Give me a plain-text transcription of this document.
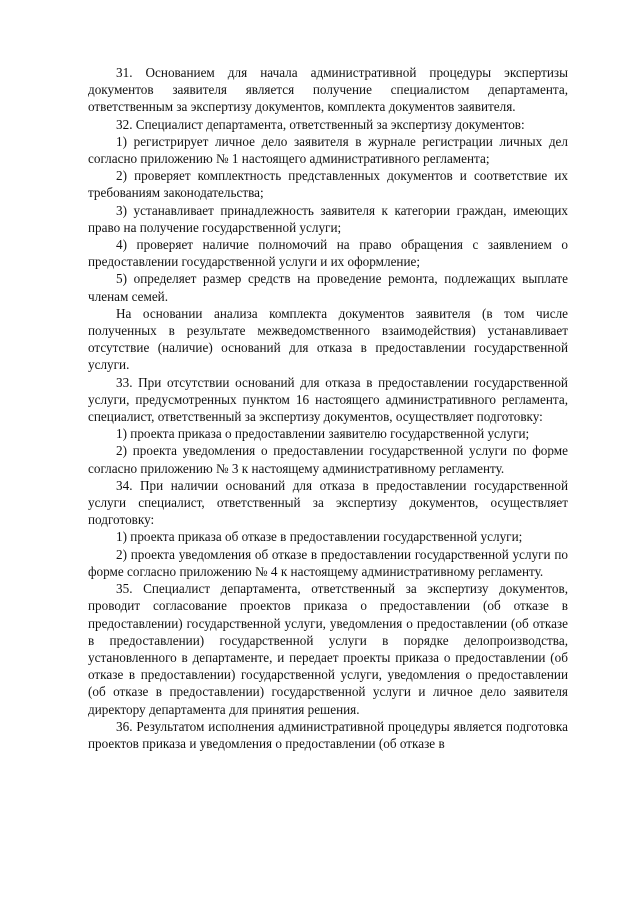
31. Основанием для начала административной процедуры экспертизы документов заявителя является получение специалистом департамента, ответственным за экспертизу документов, комплекта документов заявителя.

32. Специалист департамента, ответственный за экспертизу документов:

1) регистрирует личное дело заявителя в журнале регистрации личных дел согласно приложению № 1 настоящего административного регламента;

2) проверяет комплектность представленных документов и соответствие их требованиям законодательства;

3) устанавливает принадлежность заявителя к категории граждан, имеющих право на получение государственной услуги;

4) проверяет наличие полномочий на право обращения с заявлением о предоставлении государственной услуги и их оформление;

5) определяет размер средств на проведение ремонта, подлежащих выплате членам семей.

На основании анализа комплекта документов заявителя (в том числе полученных в результате межведомственного взаимодействия) устанавливает отсутствие (наличие) оснований для отказа в предоставлении государственной услуги.

33. При отсутствии оснований для отказа в предоставлении государственной услуги, предусмотренных пунктом 16 настоящего административного регламента, специалист, ответственный за экспертизу документов, осуществляет подготовку:

1) проекта приказа о предоставлении заявителю государственной услуги;

2) проекта уведомления о предоставлении государственной услуги по форме согласно приложению № 3 к настоящему административному регламенту.

34. При наличии оснований для отказа в предоставлении государственной услуги специалист, ответственный за экспертизу документов, осуществляет подготовку:

1) проекта приказа об отказе в предоставлении государственной услуги;

2) проекта уведомления об отказе в предоставлении государственной услуги по форме согласно приложению № 4 к настоящему административному регламенту.

35. Специалист департамента, ответственный за экспертизу документов, проводит согласование проектов приказа о предоставлении (об отказе в предоставлении) государственной услуги, уведомления о предоставлении (об отказе в предоставлении) государственной услуги в порядке делопроизводства, установленного в департаменте, и передает проекты приказа о предоставлении (об отказе в предоставлении) государственной услуги, уведомления о предоставлении (об отказе в предоставлении) государственной услуги и личное дело заявителя директору департамента для принятия решения.

36. Результатом исполнения административной процедуры является подготовка проектов приказа и уведомления о предоставлении (об отказе в
